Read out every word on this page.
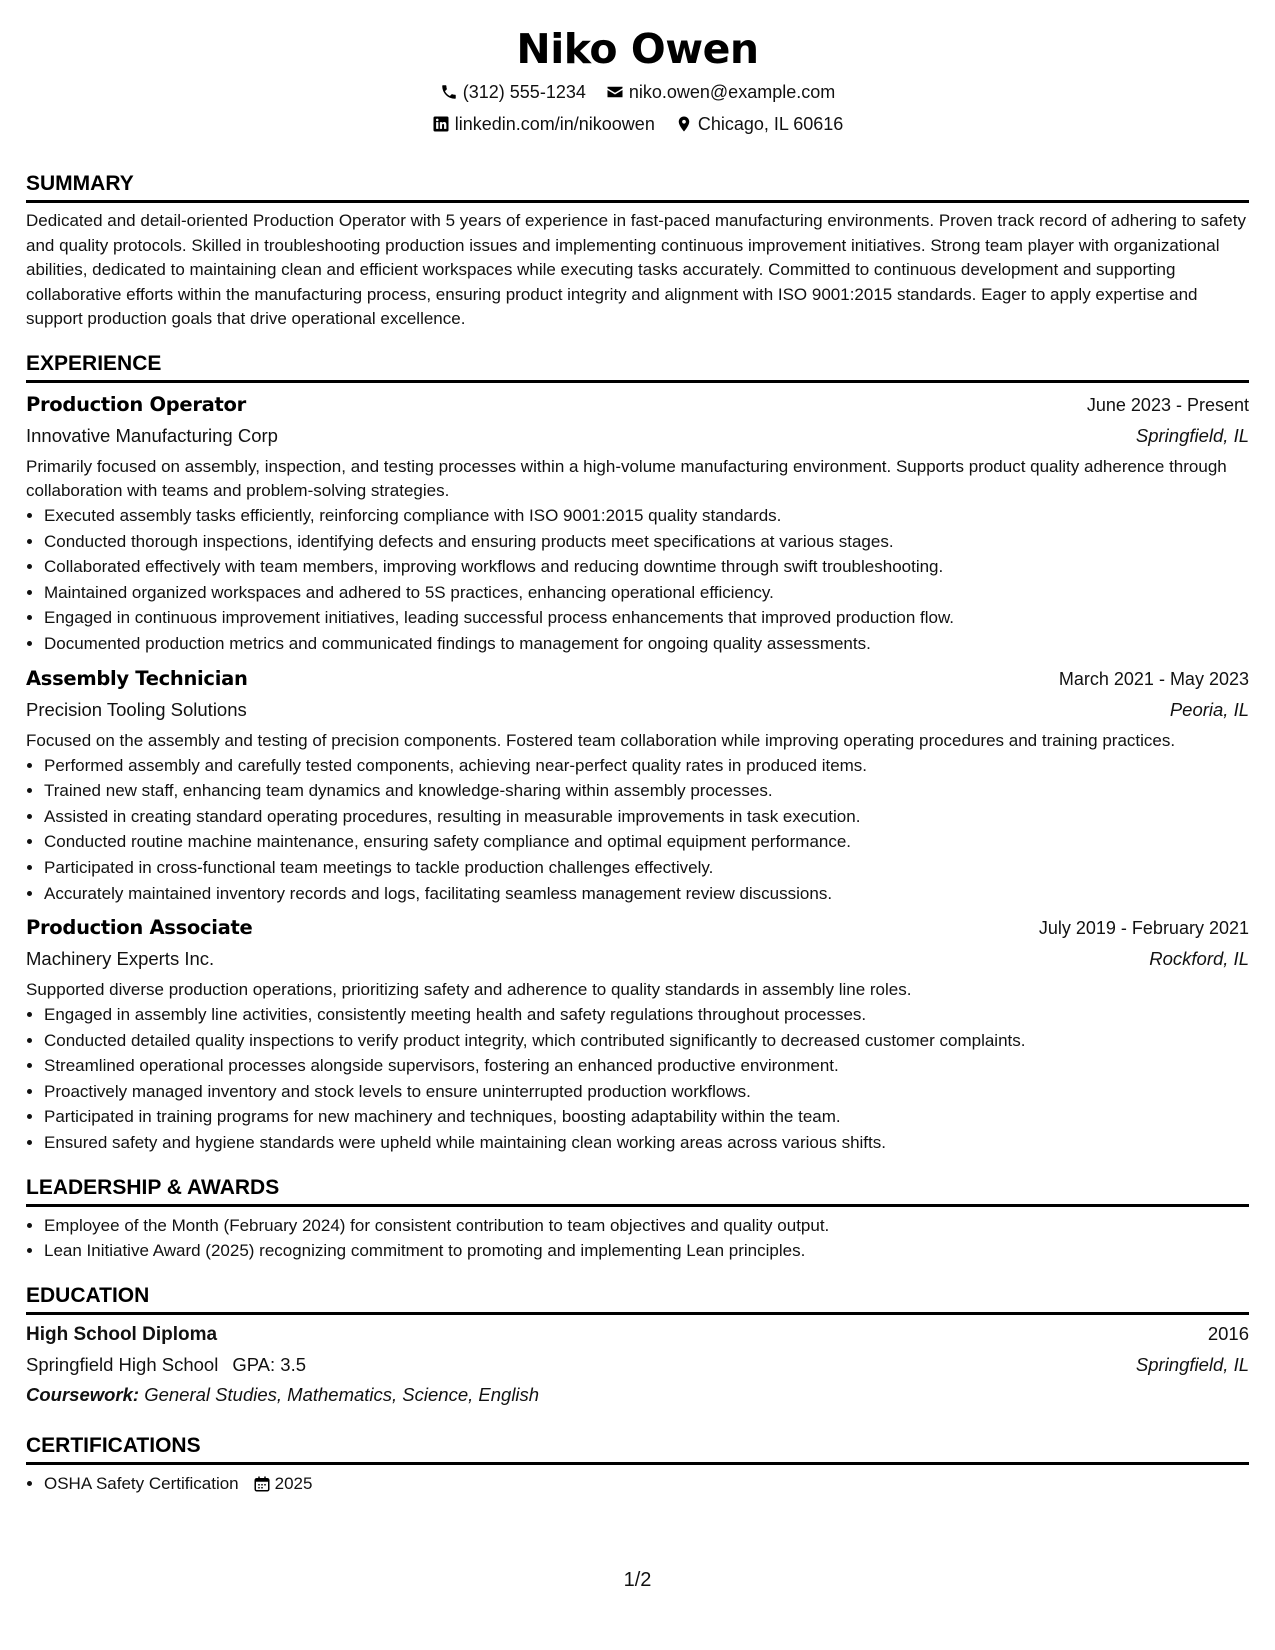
Niko Owen
(312) 555-1234 niko.owen@example.com
linkedin.com/in/nikoowen Chicago, IL 60616
SUMMARY
Dedicated and detail-oriented Production Operator with 5 years of experience in fast-paced manufacturing environments. Proven track record of adhering to safety and quality protocols. Skilled in troubleshooting production issues and implementing continuous improvement initiatives. Strong team player with organizational abilities, dedicated to maintaining clean and efficient workspaces while executing tasks accurately. Committed to continuous development and supporting collaborative efforts within the manufacturing process, ensuring product integrity and alignment with ISO 9001:2015 standards. Eager to apply expertise and support production goals that drive operational excellence.
EXPERIENCE
Production Operator	June 2023 - Present
Innovative Manufacturing Corp	Springfield, IL
Primarily focused on assembly, inspection, and testing processes within a high-volume manufacturing environment. Supports product quality adherence through collaboration with teams and problem-solving strategies.
• Executed assembly tasks efficiently, reinforcing compliance with ISO 9001:2015 quality standards.
• Conducted thorough inspections, identifying defects and ensuring products meet specifications at various stages.
• Collaborated effectively with team members, improving workflows and reducing downtime through swift troubleshooting.
• Maintained organized workspaces and adhered to 5S practices, enhancing operational efficiency.
• Engaged in continuous improvement initiatives, leading successful process enhancements that improved production flow.
• Documented production metrics and communicated findings to management for ongoing quality assessments.
Assembly Technician	March 2021 - May 2023
Precision Tooling Solutions	Peoria, IL
Focused on the assembly and testing of precision components. Fostered team collaboration while improving operating procedures and training practices.
• Performed assembly and carefully tested components, achieving near-perfect quality rates in produced items.
• Trained new staff, enhancing team dynamics and knowledge-sharing within assembly processes.
• Assisted in creating standard operating procedures, resulting in measurable improvements in task execution.
• Conducted routine machine maintenance, ensuring safety compliance and optimal equipment performance.
• Participated in cross-functional team meetings to tackle production challenges effectively.
• Accurately maintained inventory records and logs, facilitating seamless management review discussions.
Production Associate	July 2019 - February 2021
Machinery Experts Inc.	Rockford, IL
Supported diverse production operations, prioritizing safety and adherence to quality standards in assembly line roles.
• Engaged in assembly line activities, consistently meeting health and safety regulations throughout processes.
• Conducted detailed quality inspections to verify product integrity, which contributed significantly to decreased customer complaints.
• Streamlined operational processes alongside supervisors, fostering an enhanced productive environment.
• Proactively managed inventory and stock levels to ensure uninterrupted production workflows.
• Participated in training programs for new machinery and techniques, boosting adaptability within the team.
• Ensured safety and hygiene standards were upheld while maintaining clean working areas across various shifts.
LEADERSHIP & AWARDS
• Employee of the Month (February 2024) for consistent contribution to team objectives and quality output.
• Lean Initiative Award (2025) recognizing commitment to promoting and implementing Lean principles.
EDUCATION
High School Diploma	2016
Springfield High School GPA: 3.5	Springfield, IL
Coursework: General Studies, Mathematics, Science, English
CERTIFICATIONS
• OSHA Safety Certification 2025
1/2
